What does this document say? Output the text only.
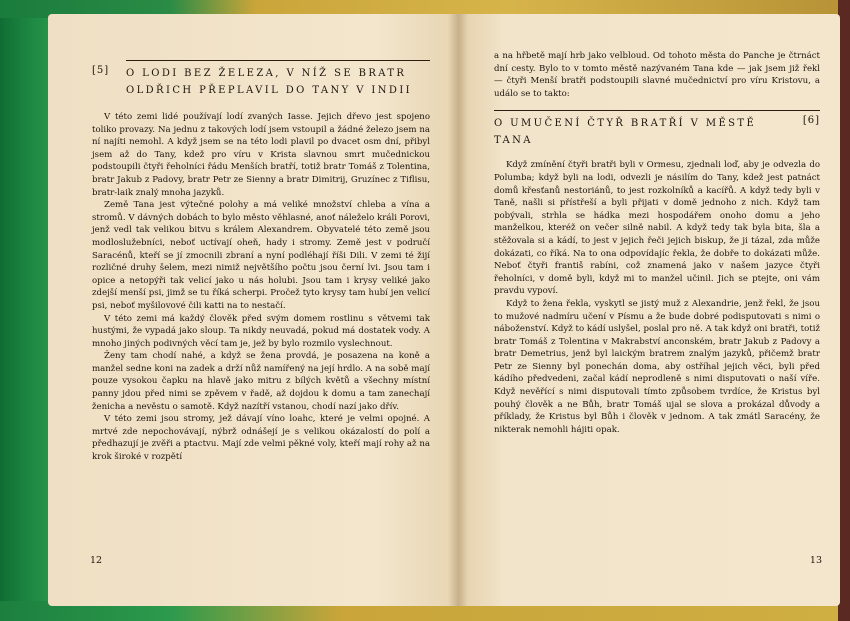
[5]	O LODI BEZ ŽELEZA, V NÍŽ SE BRATR OLDŘICH PŘEPLAVIL DO TANY V INDII

V této zemi lidé používají lodí zvaných Iasse. Jejich dřevo jest spojeno toliko provazy. Na jednu z takových lodí jsem vstoupil a žádné železo jsem na ní najíti nemohl. A když jsem se na této lodi plavil po dvacet osm dní, přibyl jsem až do Tany, kdež pro víru v Krista slavnou smrt mučednickou podstoupili čtyři řeholníci řádu Menších bratří, totiž bratr Tomáš z Tolentina, bratr Jakub z Padovy, bratr Petr ze Sienny a bratr Dimitrij, Gruzínec z Tiflisu, bratr-laik znalý mnoha jazyků.

Země Tana jest výtečné polohy a má veliké množství chleba a vína a stromů. V dávných dobách to bylo město věhlasné, anoť náleželo králi Porovi, jenž vedl tak velikou bitvu s králem Alexandrem. Obyvatelé této země jsou modloslužebníci, neboť uctívají oheň, hady i stromy. Země jest v područí Saracénů, kteří se jí zmocnili zbraní a nyní podléhají říši Dili. V zemi té žijí rozličné druhy šelem, mezi nimiž největšího počtu jsou černí lvi. Jsou tam i opice a netopýři tak velicí jako u nás holubi. Jsou tam i krysy veliké jako zdejší menší psi, jimž se tu říká scherpi. Pročež tyto krysy tam hubí jen velicí psi, neboť myšilovové čili katti na to nestačí.

V této zemi má každý člověk před svým domem rostlinu s větvemi tak hustými, že vypadá jako sloup. Ta nikdy neuvadá, pokud má dostatek vody. A mnoho jiných podivných věcí tam je, jež by bylo rozmilo vyslechnout.

Ženy tam chodí nahé, a když se žena provdá, je posazena na koně a manžel sedne koni na zadek a drží nůž namířený na její hrdlo. A na sobě mají pouze vysokou čapku na hlavě jako mitru z bílých květů a všechny místní panny jdou před nimi se zpěvem v řadě, až dojdou k domu a tam zanechají ženicha a nevěstu o samotě. Když nazítří vstanou, chodí nazí jako dřív.

V této zemi jsou stromy, jež dávají víno loahc, které je velmi opojné. A mrtvé zde nepochovávají, nýbrž odnášejí je s velikou okázalostí do polí a předhazují je zvěři a ptactvu. Mají zde velmi pěkné voly, kteří mají rohy až na krok široké v rozpětí

12

a na hřbetě mají hrb jako velbloud. Od tohoto města do Panche je čtrnáct dní cesty. Bylo to v tomto městě nazývaném Tana kde — jak jsem již řekl — čtyři Menší bratři podstoupili slavné mučednictví pro víru Kristovu, a událo se to takto:

O UMUČENÍ ČTYŘ BRATŘÍ V MĚSTĚ TANA
[6]

Když zmínění čtyři bratři byli v Ormesu, zjednali loď, aby je odvezla do Polumba; když byli na lodi, odvezli je násilím do Tany, kdež jest patnáct domů křesťanů nestoriánů, to jest rozkolníků a kacířů. A když tedy byli v Taně, našli si přístřeší a byli přijati v domě jednoho z nich. Když tam pobývali, strhla se hádka mezi hospodářem onoho domu a jeho manželkou, kteréž on večer silně nabil. A když tedy tak byla bita, šla a stěžovala si a kádí, to jest v jejich řeči jejich biskup, že ji tázal, zda může dokázati, co říká. Na to ona odpovídajíc řekla, že dobře to dokázati může. Neboť čtyři františ rabíni, což znamená jako v našem jazyce čtyři řeholníci, v domě byli, když mi to manžel učinil. Jich se ptejte, oni vám pravdu vypoví.

Když to žena řekla, vyskytl se jistý muž z Alexandrie, jenž řekl, že jsou to mužové nadmíru učení v Písmu a že bude dobré podisputovati s nimi o náboženství. Když to kádí uslyšel, poslal pro ně. A tak když oni bratři, totiž bratr Tomáš z Tolentina v Makrabství anconském, bratr Jakub z Padovy a bratr Demetrius, jenž byl laickým bratrem znalým jazyků, přičemž bratr Petr ze Sienny byl ponechán doma, aby ostříhal jejich věci, byli před kádího předvedeni, začal kádí neprodleně s nimi disputovati o naší víře. Když nevěřící s nimi disputovali tímto způsobem tvrdíce, že Kristus byl pouhý člověk a ne Bůh, bratr Tomáš ujal se slova a prokázal důvody a příklady, že Kristus byl Bůh i člověk v jednom. A tak zmátl Saracény, že nikterak nemohli hájiti opak.

13
